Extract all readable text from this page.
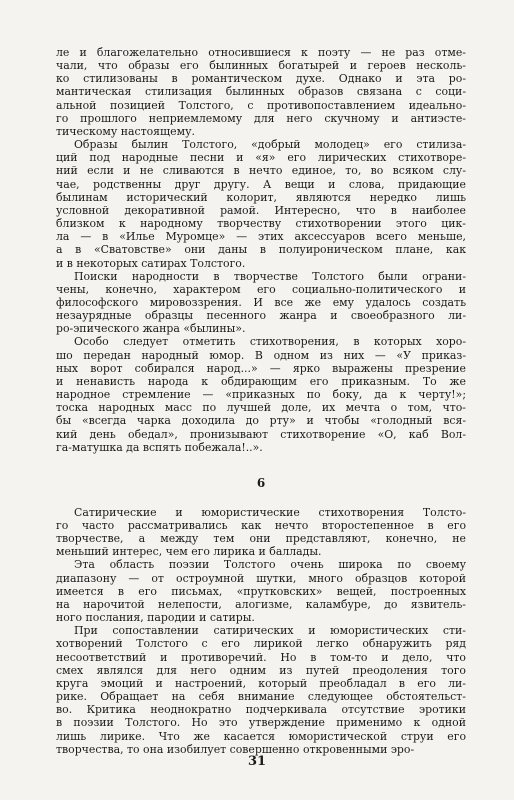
ле и благожелательно относившиеся к поэту — не раз отме-
чали, что образы его былинных богатырей и героев несколь-
ко стилизованы в романтическом духе. Однако и эта ро-
мантическая стилизация былинных образов связана с соци-
альной позицией Толстого, с противопоставлением идеально-
го прошлого неприемлемому для него скучному и антиэсте-
тическому настоящему.
Образы былин Толстого, «добрый молодец» его стилиза-
ций под народные песни и «я» его лирических стихотворе-
ний если и не сливаются в нечто единое, то, во всяком слу-
чае, родственны друг другу. А вещи и слова, придающие
былинам исторический колорит, являются нередко лишь
условной декоративной рамой. Интересно, что в наиболее
близком к народному творчеству стихотворении этого цик-
ла — в «Илье Муромце» — этих аксессуаров всего меньше,
а в «Сватовстве» они даны в полуироническом плане, как
и в некоторых сатирах Толстого.
Поиски народности в творчестве Толстого были ограни-
чены, конечно, характером его социально-политического и
философского мировоззрения. И все же ему удалось создать
незаурядные образцы песенного жанра и своеобразного ли-
ро-эпического жанра «былины».
Особо следует отметить стихотворения, в которых хоро-
шо передан народный юмор. В одном из них — «У приказ-
ных ворот собирался народ...» — ярко выражены презрение
и ненависть народа к обдирающим его приказным. То же
народное стремление — «приказных по боку, да к черту!»;
тоска народных масс по лучшей доле, их мечта о том, что-
бы «всегда чарка доходила до рту» и чтобы «голодный вся-
кий день обедал», пронизывают стихотворение «О, каб Вол-
га-матушка да вспять побежала!..».
6
Сатирические и юмористические стихотворения Толсто-
го часто рассматривались как нечто второстепенное в его
творчестве, а между тем они представляют, конечно, не
меньший интерес, чем его лирика и баллады.
Эта область поэзии Толстого очень широка по своему
диапазону — от остроумной шутки, много образцов которой
имеется в его письмах, «прутковских» вещей, построенных
на нарочитой нелепости, алогизме, каламбуре, до язвитель-
ного послания, пародии и сатиры.
При сопоставлении сатирических и юмористических сти-
хотворений Толстого с его лирикой легко обнаружить ряд
несоответствий и противоречий. Но в том-то и дело, что
смех являлся для него одним из путей преодоления того
круга эмоций и настроений, который преобладал в его ли-
рике. Обращает на себя внимание следующее обстоятельст-
во. Критика неоднократно подчеркивала отсутствие эротики
в поэзии Толстого. Но это утверждение применимо к одной
лишь лирике. Что же касается юмористической струи его
творчества, то она изобилует совершенно откровенными эро-
31
